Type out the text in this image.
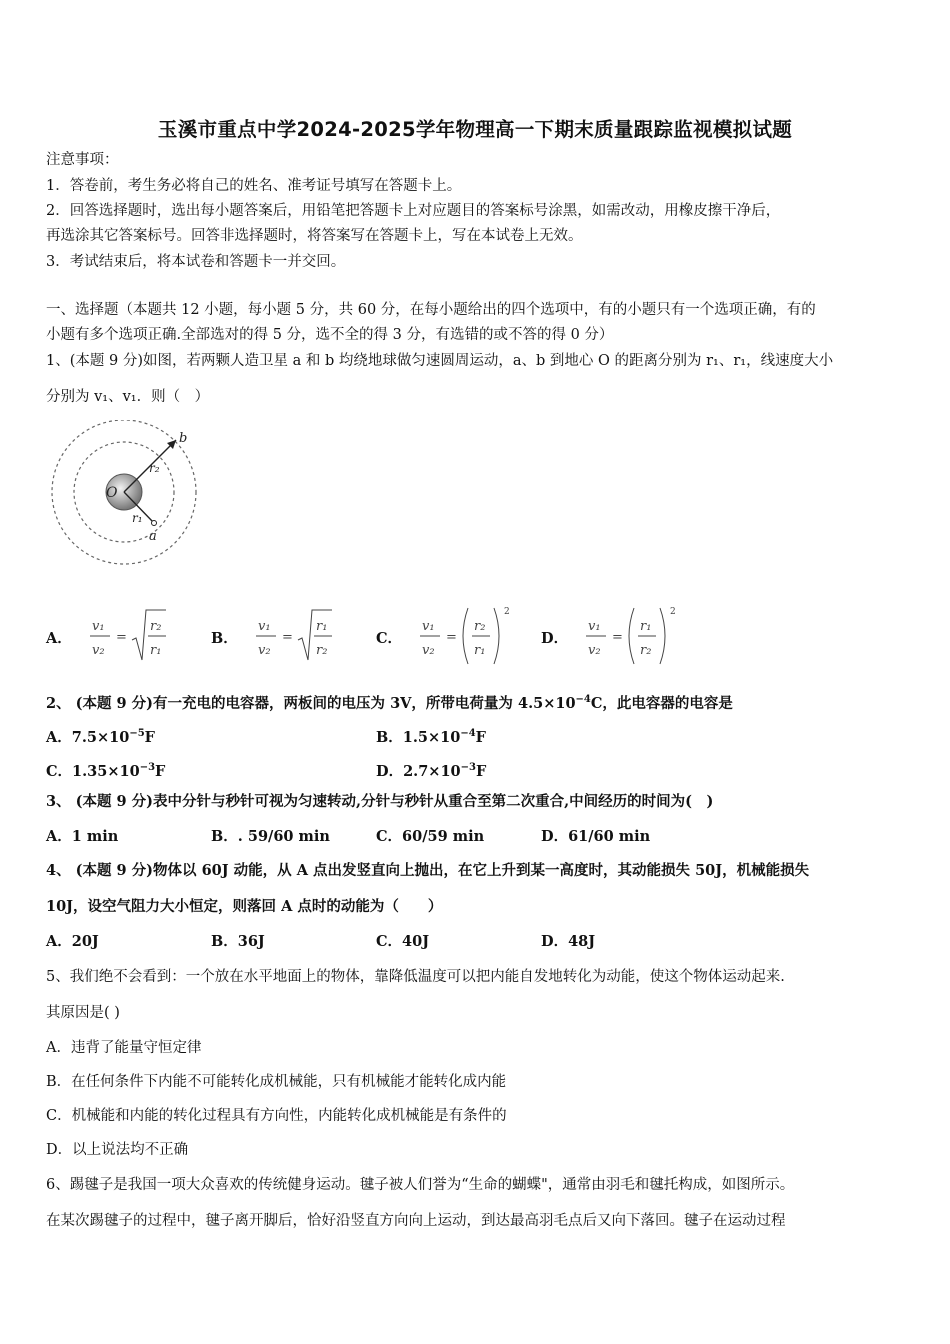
玉溪市重点中学2024-2025学年物理高一下期末质量跟踪监视模拟试题
注意事项：
1．答卷前，考生务必将自己的姓名、准考证号填写在答题卡上。
2．回答选择题时，选出每小题答案后，用铅笔把答题卡上对应题目的答案标号涂黑，如需改动，用橡皮擦干净后，
再选涂其它答案标号。回答非选择题时，将答案写在答题卡上，写在本试卷上无效。
3．考试结束后，将本试卷和答题卡一并交回。
一、选择题（本题共 12 小题，每小题 5 分，共 60 分，在每小题给出的四个选项中，有的小题只有一个选项正确，有的
小题有多个选项正确.全部选对的得 5 分，选不全的得 3 分，有选错的或不答的得 0 分）
1、(本题 9 分)如图，若两颗人造卫星 a 和 b 均绕地球做匀速圆周运动，a、b 到地心 O 的距离分别为 r₁、r₁，线速度大小
分别为 v₁、v₁．则（　）
O
b
a
r₂
r₁
A．
v₁
v₂
=
r₂
r₁
B．
v₁
v₂
=
r₁
r₂
C．
v₁
v₂
=
r₂
r₁
2
D．
v₁
v₂
=
r₁
r₂
2
2、 (本题 9 分)有一充电的电容器，两板间的电压为 3V，所带电荷量为 $4.5\times 10^{-4}C$，此电容器的电容是
A．$7.5\times 10^{-5}F$	B．$1.5\times 10^{-4}F$
C．$1.35\times 10^{-3}F$	D．$2.7\times 10^{-3}F$
3、 (本题 9 分)表中分针与秒针可视为匀速转动,分针与秒针从重合至第二次重合,中间经历的时间为(　)
A．1 min	B．. 59/60 min	C．60/59 min	D．61/60 min
4、 (本题 9 分)物体以 60J 动能，从 A 点出发竖直向上抛出，在它上升到某一高度时，其动能损失 50J，机械能损失
10J，设空气阻力大小恒定，则落回 A 点时的动能为（　　）
A．20J	B．36J	C．40J	D．48J
5、我们绝不会看到：一个放在水平地面上的物体，靠降低温度可以把内能自发地转化为动能，使这个物体运动起来.
其原因是( )
A．违背了能量守恒定律
B．在任何条件下内能不可能转化成机械能，只有机械能才能转化成内能
C．机械能和内能的转化过程具有方向性，内能转化成机械能是有条件的
D．以上说法均不正确
6、踢毽子是我国一项大众喜欢的传统健身运动。毽子被人们誉为“生命的蝴蝶"，通常由羽毛和毽托构成，如图所示。
在某次踢毽子的过程中，毽子离开脚后，恰好沿竖直方向向上运动，到达最高羽毛点后又向下落回。毽子在运动过程
